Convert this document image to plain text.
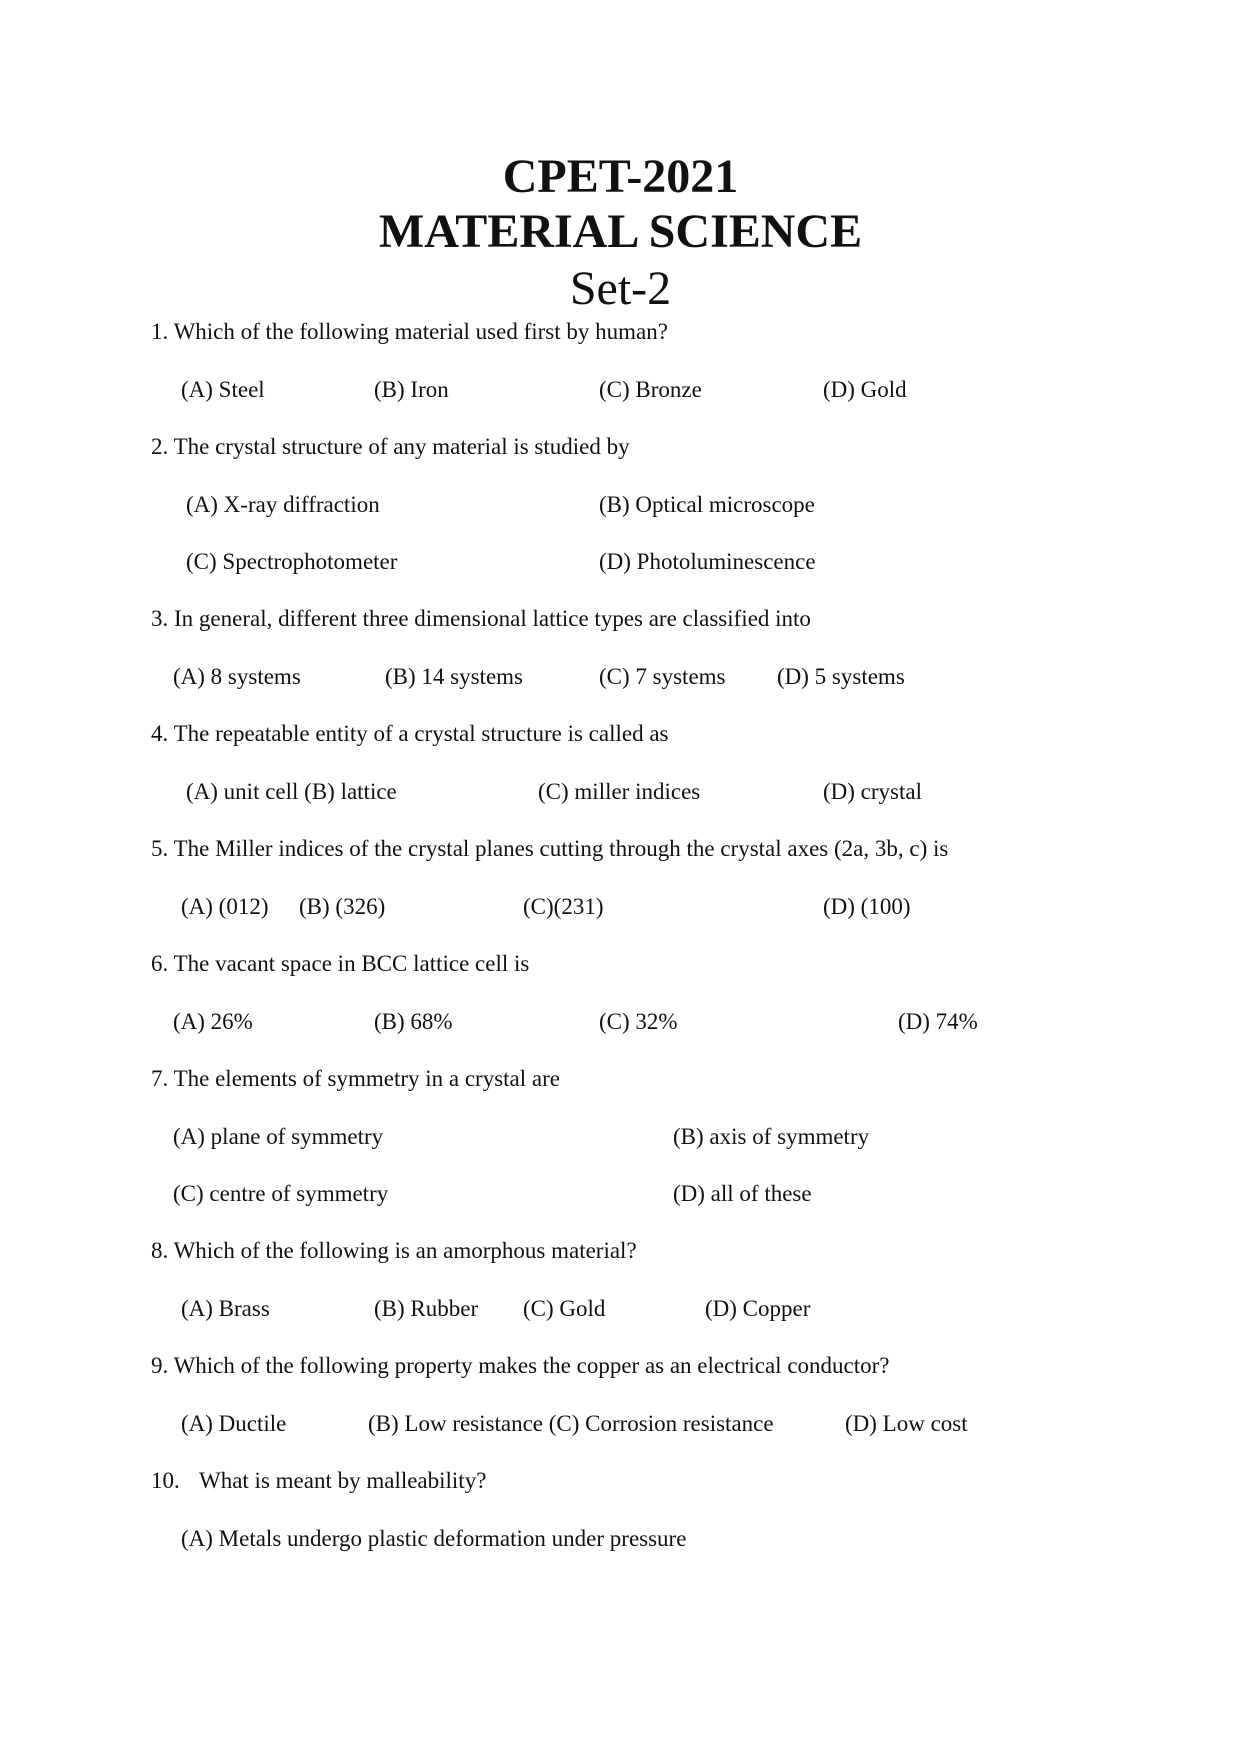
CPET-2021
MATERIAL SCIENCE
Set-2
1. Which of the following material used first by human?
(A) Steel	(B) Iron	(C) Bronze	(D) Gold
2. The crystal structure of any material is studied by
(A) X-ray diffraction	(B) Optical microscope
(C) Spectrophotometer	(D) Photoluminescence
3. In general, different three dimensional lattice types are classified into
(A) 8 systems	(B) 14 systems	(C) 7 systems (D) 5 systems
4. The repeatable entity of a crystal structure is called as
(A) unit cell (B) lattice	(C) miller indices	(D) crystal
5. The Miller indices of the crystal planes cutting through the crystal axes (2a, 3b, c) is
(A) (012) (B) (326)	(C)(231)	(D) (100)
6. The vacant space in BCC lattice cell is
(A) 26%	(B) 68%	(C) 32%	(D) 74%
7. The elements of symmetry in a crystal are
(A) plane of symmetry	(B) axis of symmetry
(C) centre of symmetry	(D) all of these
8. Which of the following is an amorphous material?
(A) Brass	(B) Rubber (C) Gold	(D) Copper
9. Which of the following property makes the copper as an electrical conductor?
(A) Ductile	(B) Low resistance (C) Corrosion resistance	(D) Low cost
10. What is meant by malleability?
(A) Metals undergo plastic deformation under pressure
